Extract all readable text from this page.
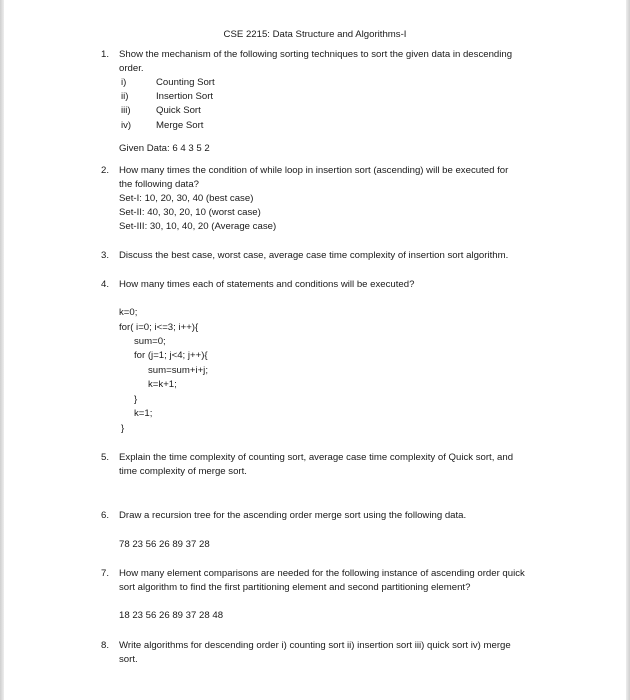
CSE 2215: Data Structure and Algorithms-I
1. Show the mechanism of the following sorting techniques to sort the given data in descending
order.
i)	Counting Sort
ii)	Insertion Sort
iii)	Quick Sort
iv)	Merge Sort
Given Data: 6 4 3 5 2
2. How many times the condition of while loop in insertion sort (ascending) will be executed for
the following data?
Set-I: 10, 20, 30, 40 (best case)
Set-II: 40, 30, 20, 10 (worst case)
Set-III: 30, 10, 40, 20 (Average case)
3. Discuss the best case, worst case, average case time complexity of insertion sort algorithm.
4. How many times each of statements and conditions will be executed?
k=0;
for( i=0; i<=3; i++){
sum=0;
for (j=1; j<4; j++){
sum=sum+i+j;
k=k+1;
}
k=1;
}
5. Explain the time complexity of counting sort, average case time complexity of Quick sort, and
time complexity of merge sort.
6. Draw a recursion tree for the ascending order merge sort using the following data.
78 23 56 26 89 37 28
7. How many element comparisons are needed for the following instance of ascending order quick
sort algorithm to find the first partitioning element and second partitioning element?
18 23 56 26 89 37 28 48
8. Write algorithms for descending order i) counting sort ii) insertion sort iii) quick sort iv) merge
sort.
